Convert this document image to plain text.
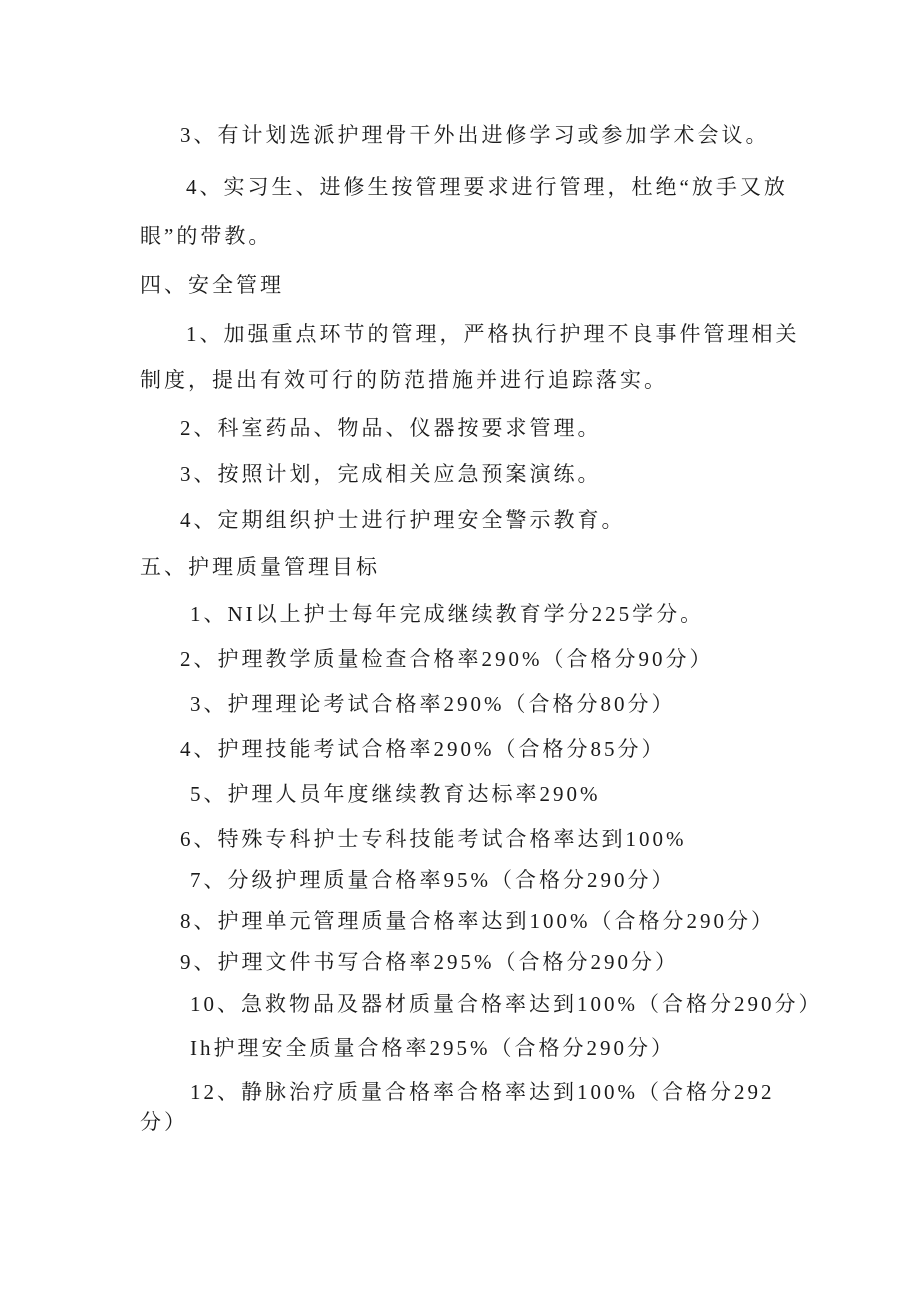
3、有计划选派护理骨干外出进修学习或参加学术会议。

4、实习生、进修生按管理要求进行管理，杜绝“放手又放

眼”的带教。

四、安全管理

1、加强重点环节的管理，严格执行护理不良事件管理相关

制度，提出有效可行的防范措施并进行追踪落实。

2、科室药品、物品、仪器按要求管理。

3、按照计划，完成相关应急预案演练。

4、定期组织护士进行护理安全警示教育。

五、护理质量管理目标

1、NI以上护士每年完成继续教育学分225学分。

2、护理教学质量检查合格率290%（合格分90分）

3、护理理论考试合格率290%（合格分80分）

4、护理技能考试合格率290%（合格分85分）

5、护理人员年度继续教育达标率290%

6、特殊专科护士专科技能考试合格率达到100%

7、分级护理质量合格率95%（合格分290分）

8、护理单元管理质量合格率达到100%（合格分290分）

9、护理文件书写合格率295%（合格分290分）

10、急救物品及器材质量合格率达到100%（合格分290分）

Ih护理安全质量合格率295%（合格分290分）

12、静脉治疗质量合格率合格率达到100%（合格分292

分）
